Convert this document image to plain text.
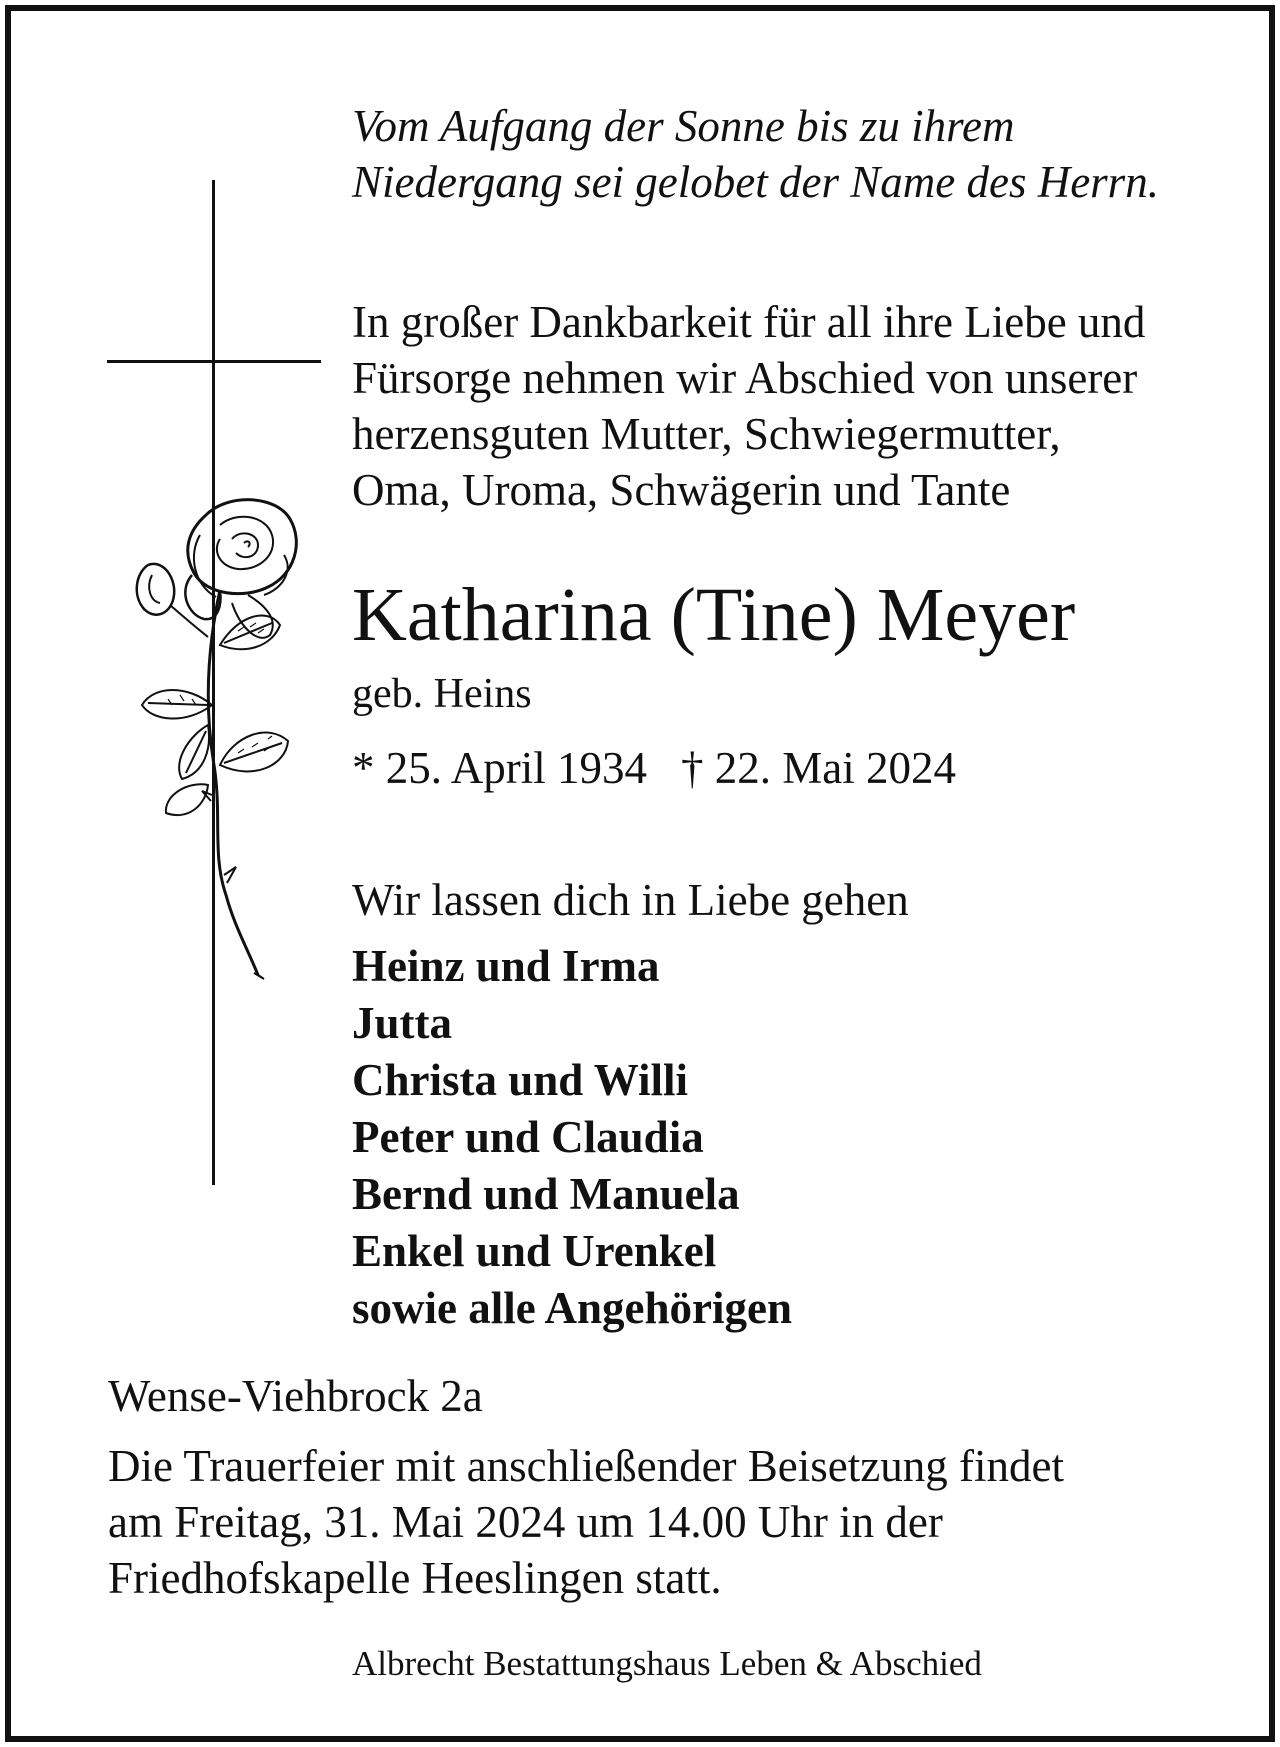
Vom Aufgang der Sonne bis zu ihrem
Niedergang sei gelobet der Name des Herrn.
In großer Dankbarkeit für all ihre Liebe und
Fürsorge nehmen wir Abschied von unserer
herzensguten Mutter, Schwiegermutter,
Oma, Uroma, Schwägerin und Tante
Katharina (Tine) Meyer
geb. Heins
* 25. April 1934 † 22. Mai 2024
Wir lassen dich in Liebe gehen
Heinz und Irma
Jutta
Christa und Willi
Peter und Claudia
Bernd und Manuela
Enkel und Urenkel
sowie alle Angehörigen
Wense-Viehbrock 2a
Die Trauerfeier mit anschließender Beisetzung findet
am Freitag, 31. Mai 2024 um 14.00 Uhr in der
Friedhofskapelle Heeslingen statt.
Albrecht Bestattungshaus Leben & Abschied
